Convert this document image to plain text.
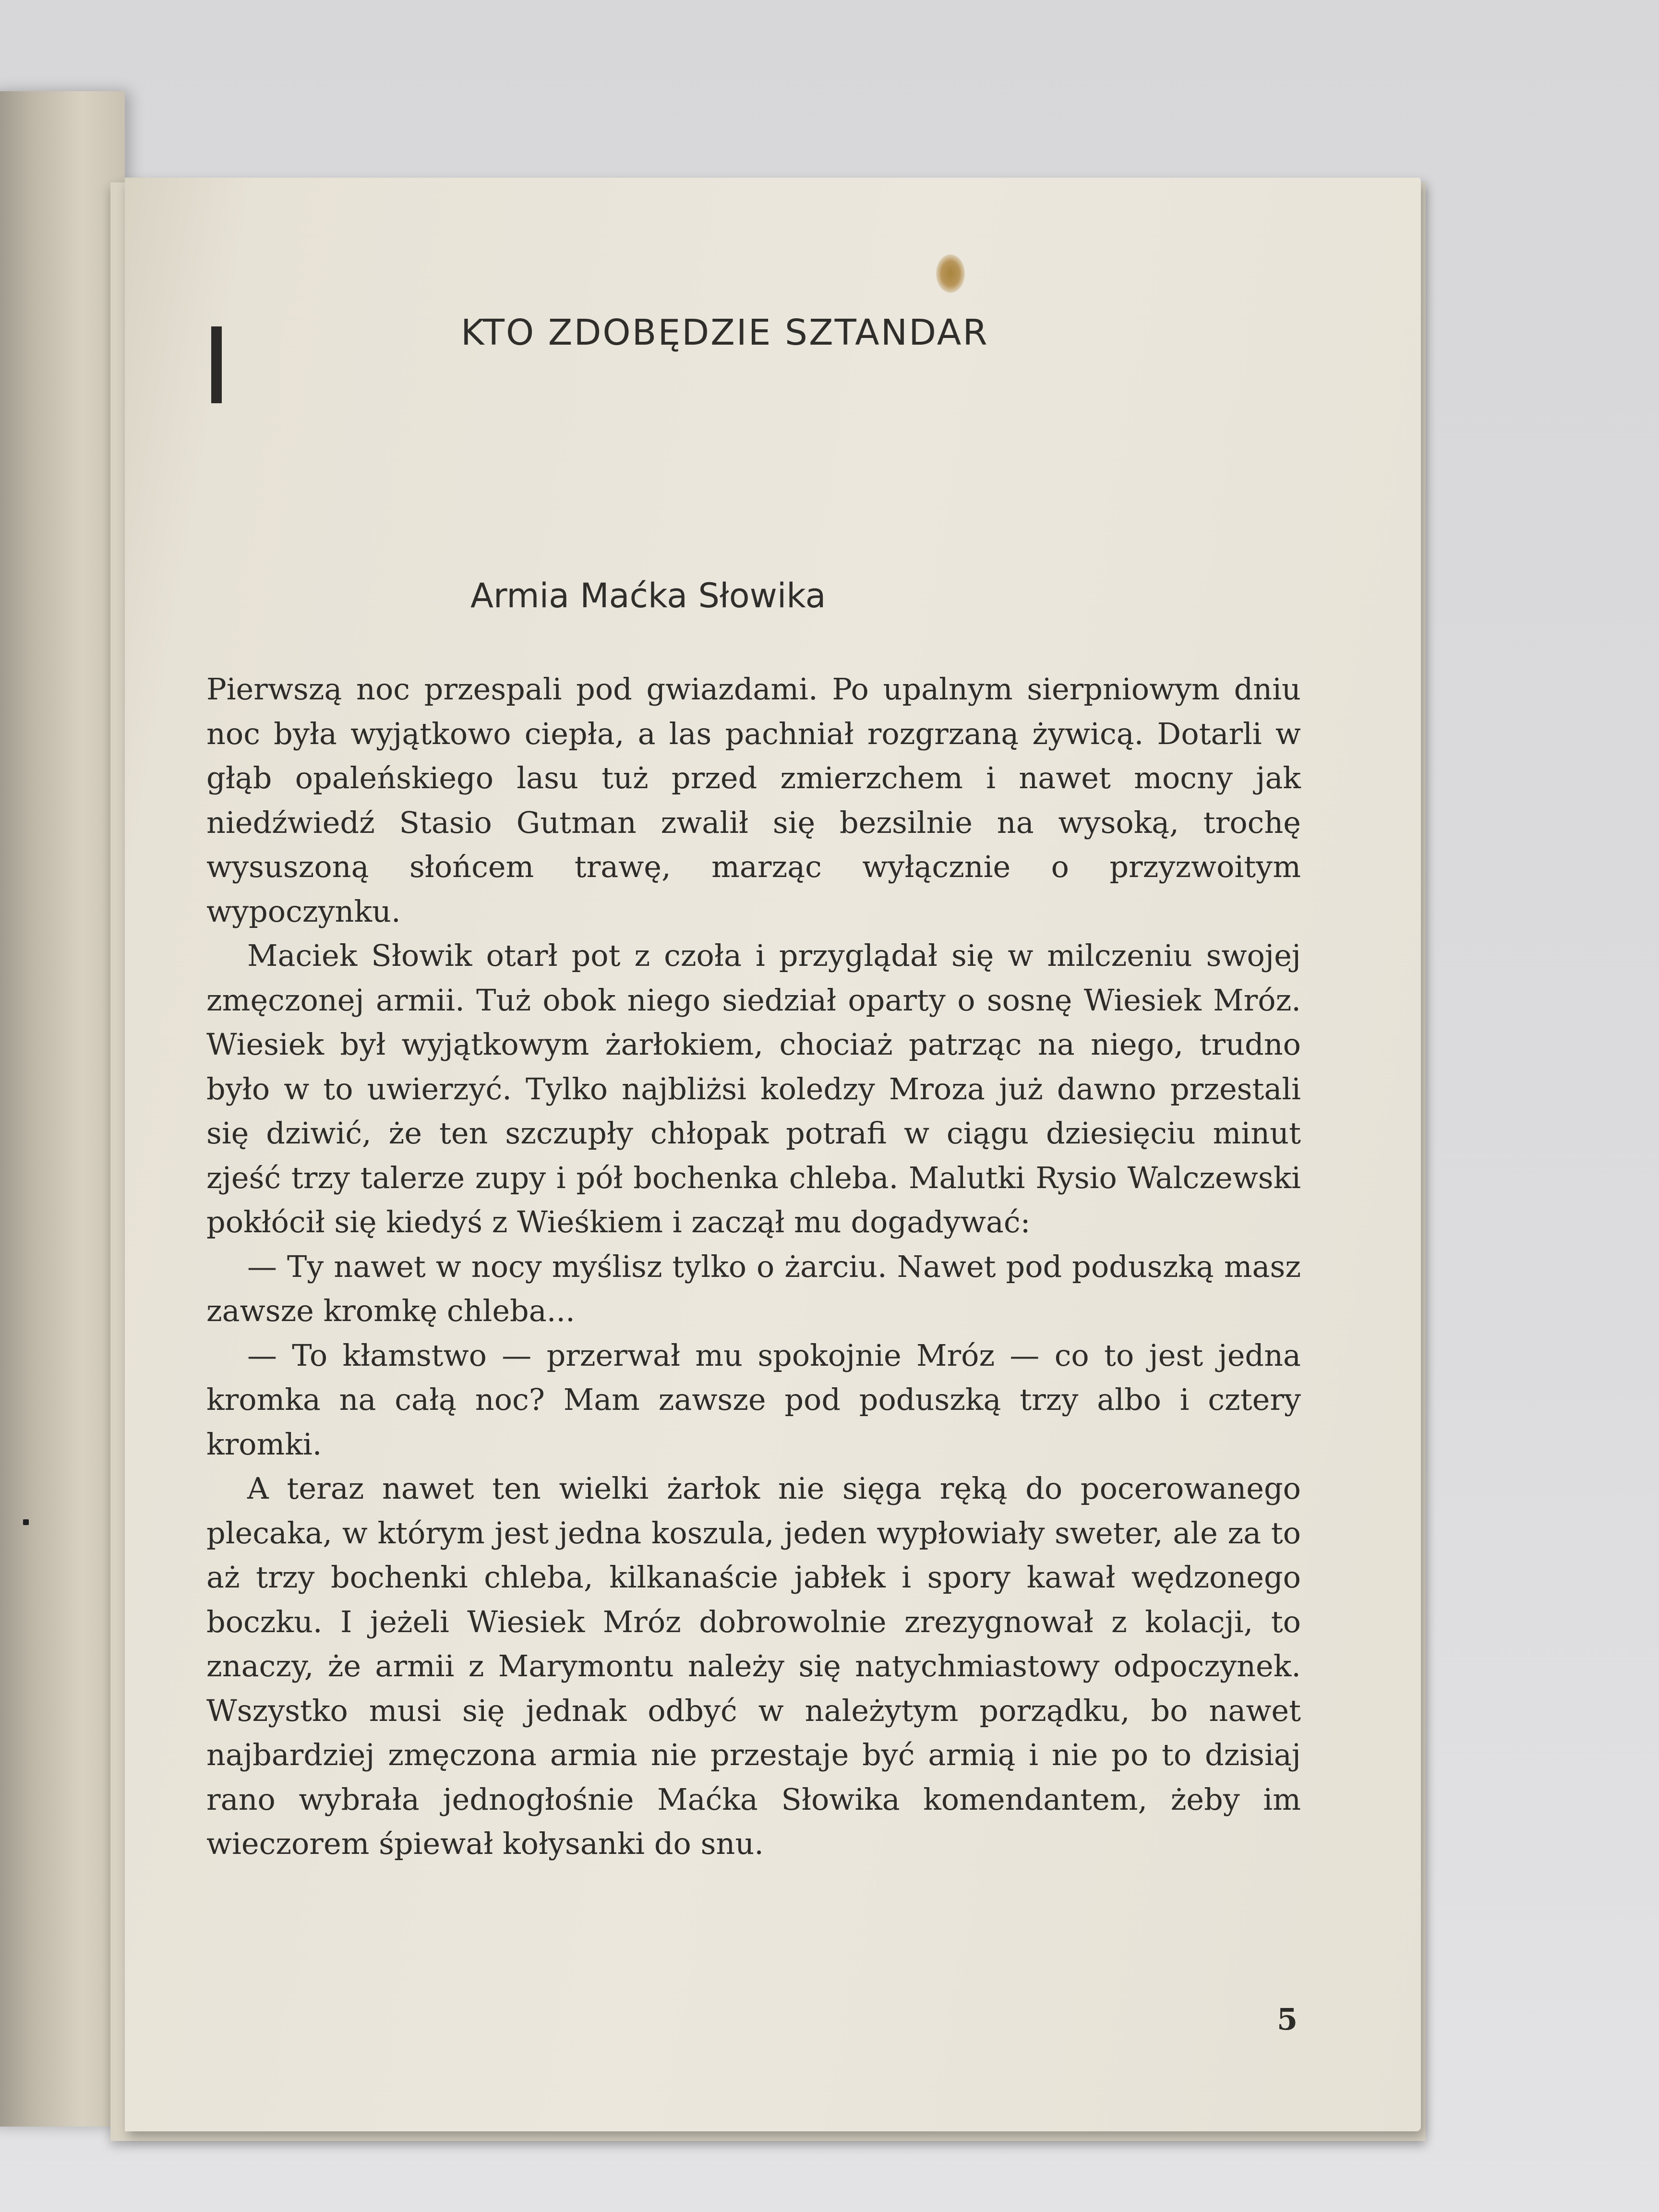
KTO ZDOBĘDZIE SZTANDAR
Armia Maćka Słowika

Pierwszą noc przespali pod gwiazdami. Po upalnym sierpniowym dniu noc była wyjątkowo ciepła, a las pachniał rozgrzaną żywicą. Dotarli w głąb opaleńskiego lasu tuż przed zmierzchem i nawet mocny jak niedźwiedź Stasio Gutman zwalił się bezsilnie na wysoką, trochę wysuszoną słońcem trawę, marząc wyłącznie o przyzwoitym wypoczynku.

Maciek Słowik otarł pot z czoła i przyglądał się w milczeniu swojej zmęczonej armii. Tuż obok niego siedział oparty o sosnę Wiesiek Mróz. Wiesiek był wyjątkowym żarłokiem, chociaż patrząc na niego, trudno było w to uwierzyć. Tylko najbliżsi koledzy Mroza już dawno przestali się dziwić, że ten szczupły chłopak potrafi w ciągu dziesięciu minut zjeść trzy talerze zupy i pół bochenka chleba. Malutki Rysio Walczewski pokłócił się kiedyś z Wieśkiem i zaczął mu dogadywać:

— Ty nawet w nocy myślisz tylko o żarciu. Nawet pod poduszką masz zawsze kromkę chleba...

— To kłamstwo — przerwał mu spokojnie Mróz — co to jest jedna kromka na całą noc? Mam zawsze pod poduszką trzy albo i cztery kromki.

A teraz nawet ten wielki żarłok nie sięga ręką do pocerowanego plecaka, w którym jest jedna koszula, jeden wypłowiały sweter, ale za to aż trzy bochenki chleba, kilkanaście jabłek i spory kawał wędzonego boczku. I jeżeli Wiesiek Mróz dobrowolnie zrezygnował z kolacji, to znaczy, że armii z Marymontu należy się natychmiastowy odpoczynek. Wszystko musi się jednak odbyć w należytym porządku, bo nawet najbardziej zmęczona armia nie przestaje być armią i nie po to dzisiaj rano wybrała jednogłośnie Maćka Słowika komendantem, żeby im wieczorem śpiewał kołysanki do snu.

5
